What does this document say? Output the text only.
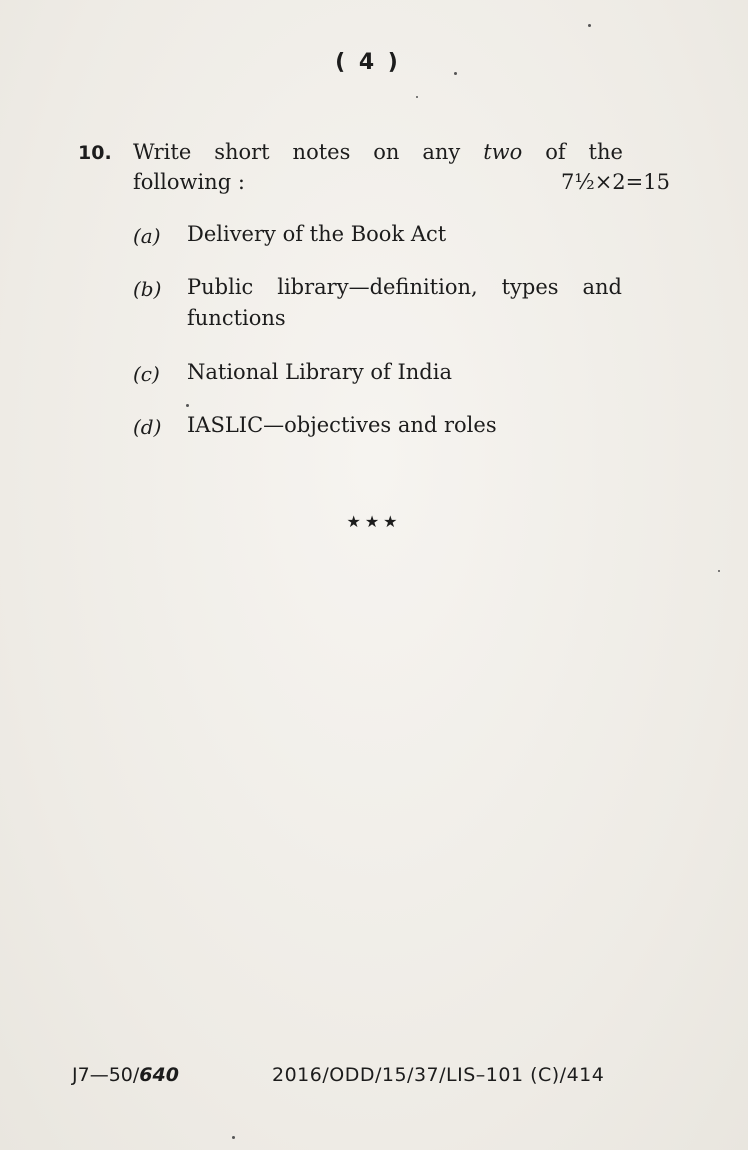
( 4 )
10. Write short notes on any two of the
following :	7½×2=15
(a) Delivery of the Book Act
(b) Public library—definition, types and
functions
(c) National Library of India
(d) IASLIC—objectives and roles
★★★
J7—50/640	2016/ODD/15/37/LIS–101 (C)/414
